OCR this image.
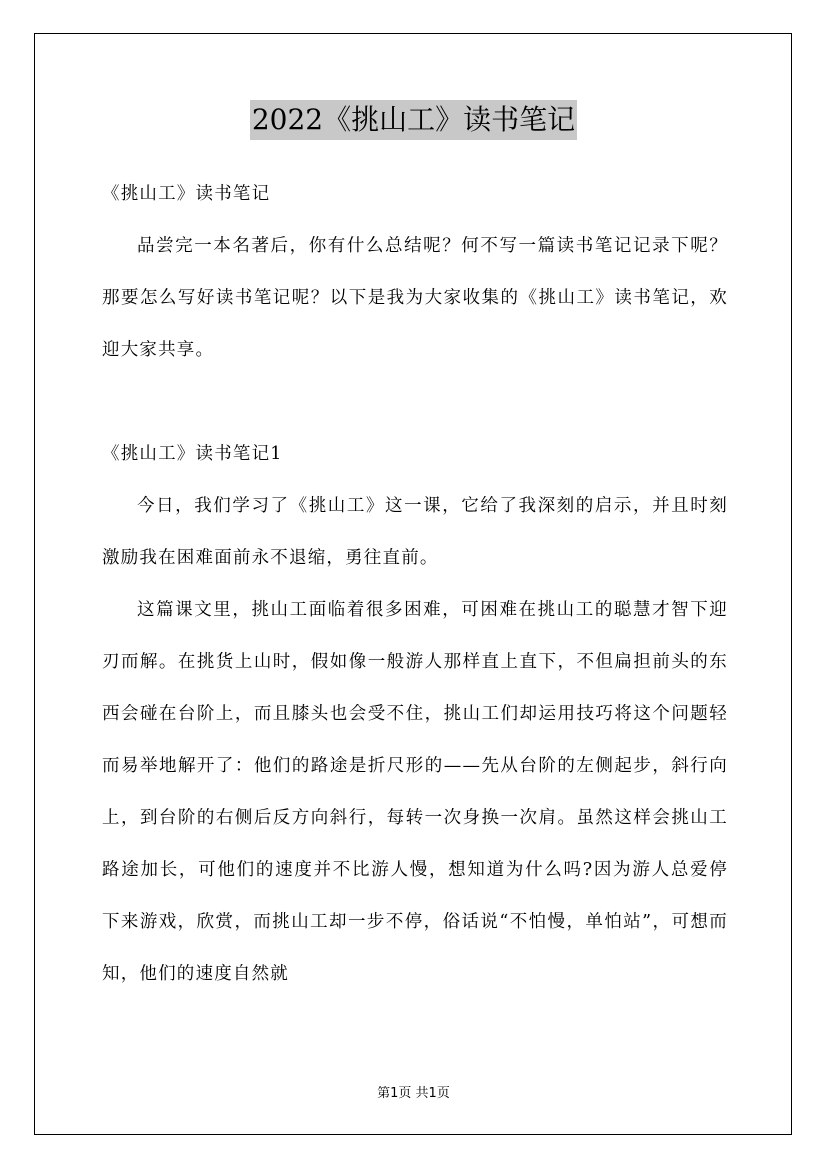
2022《挑山工》读书笔记

《挑山工》读书笔记

品尝完一本名著后，你有什么总结呢？何不写一篇读书笔记记录下呢？那要怎么写好读书笔记呢？以下是我为大家收集的《挑山工》读书笔记，欢迎大家共享。

《挑山工》读书笔记1

今日，我们学习了《挑山工》这一课，它给了我深刻的启示，并且时刻激励我在困难面前永不退缩，勇往直前。

这篇课文里，挑山工面临着很多困难，可困难在挑山工的聪慧才智下迎刃而解。在挑货上山时，假如像一般游人那样直上直下，不但扁担前头的东西会碰在台阶上，而且膝头也会受不住，挑山工们却运用技巧将这个问题轻而易举地解开了：他们的路途是折尺形的——先从台阶的左侧起步，斜行向上，到台阶的右侧后反方向斜行，每转一次身换一次肩。虽然这样会挑山工路途加长，可他们的速度并不比游人慢，想知道为什么吗?因为游人总爱停下来游戏，欣赏，而挑山工却一步不停，俗话说“不怕慢，单怕站”，可想而知，他们的速度自然就

第1页 共1页
